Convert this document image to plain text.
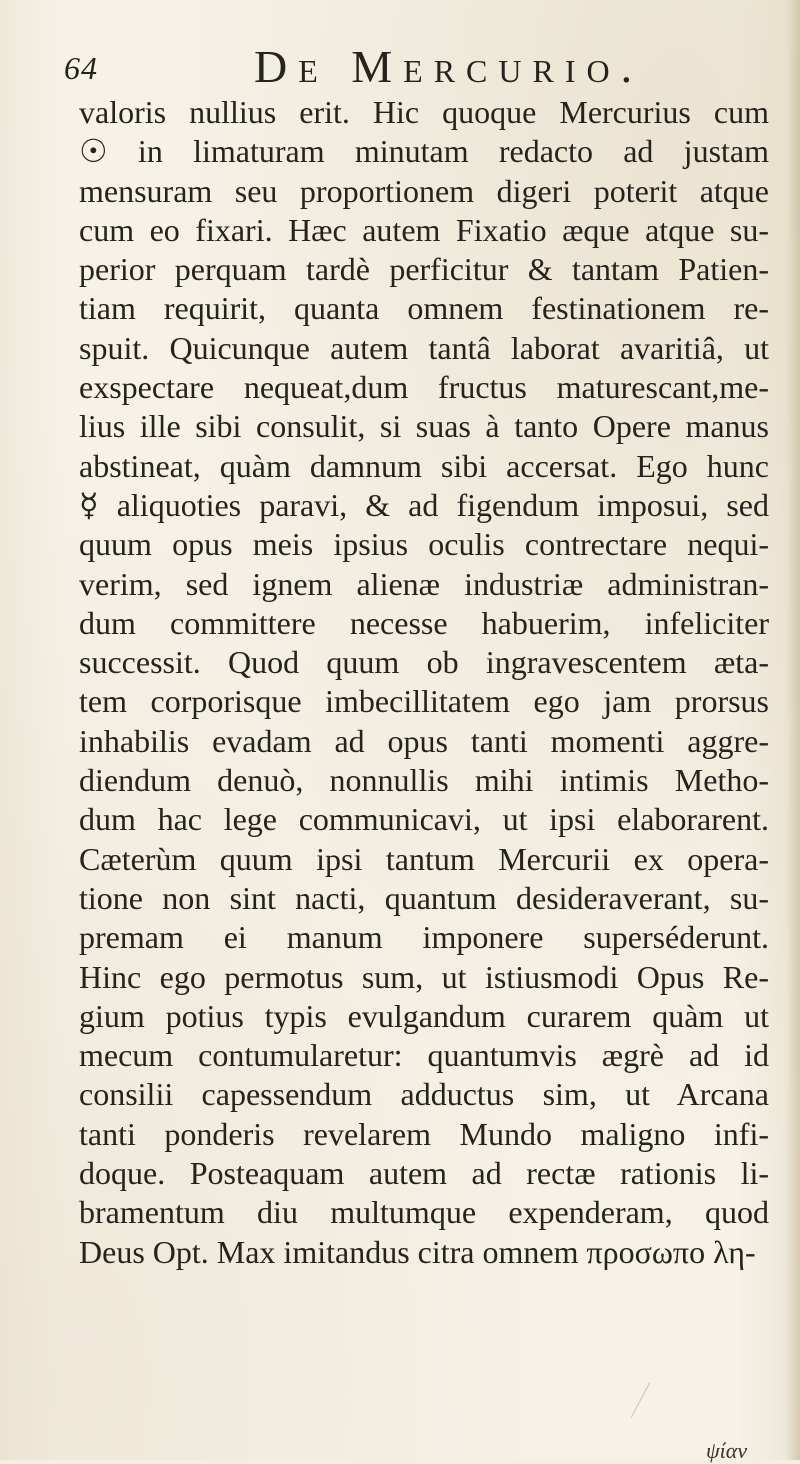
64	De Mercurio.
valoris nullius erit. Hic quoque Mercurius cum
☉ in limaturam minutam redacto ad justam
mensuram seu proportionem digeri poterit atque
cum eo fixari. Hæc autem Fixatio æque atque su-
perior perquam tardè perficitur & tantam Patien-
tiam requirit, quanta omnem festinationem re-
spuit. Quicunque autem tantâ laborat avaritiâ, ut
exspectare nequeat,dum fructus maturescant,me-
lius ille sibi consulit, si suas à tanto Opere manus
abstineat, quàm damnum sibi accersat. Ego hunc
☿ aliquoties paravi, & ad figendum imposui, sed
quum opus meis ipsius oculis contrectare nequi-
verim, sed ignem alienæ industriæ administran-
dum committere necesse habuerim, infeliciter
successit. Quod quum ob ingravescentem æta-
tem corporisque imbecillitatem ego jam prorsus
inhabilis evadam ad opus tanti momenti aggre-
diendum denuò, nonnullis mihi intimis Metho-
dum hac lege communicavi, ut ipsi elaborarent.
Cæterùm quum ipsi tantum Mercurii ex opera-
tione non sint nacti, quantum desideraverant, su-
premam ei manum imponere superséderunt.
Hinc ego permotus sum, ut istiusmodi Opus Re-
gium potius typis evulgandum curarem quàm ut
mecum contumularetur: quantumvis ægrè ad id
consilii capessendum adductus sim, ut Arcana
tanti ponderis revelarem Mundo maligno infi-
doque. Posteaquam autem ad rectæ rationis li-
bramentum diu multumque expenderam, quod
Deus Opt. Max imitandus citra omnem πρoσωπo λη-
ψίαν
